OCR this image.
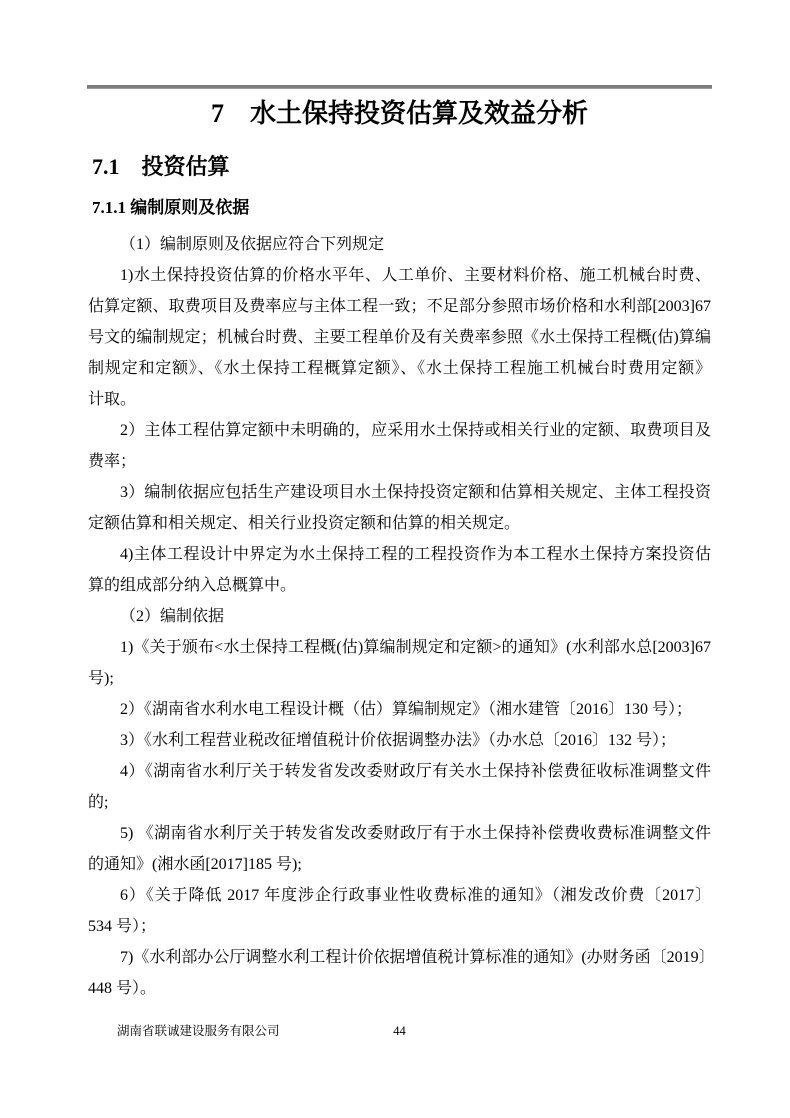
7　水土保持投资估算及效益分析
7.1　投资估算
7.1.1 编制原则及依据
（1）编制原则及依据应符合下列规定
1)水土保持投资估算的价格水平年、人工单价、主要材料价格、施工机械台时费、
估算定额、取费项目及费率应与主体工程一致；不足部分参照市场价格和水利部[2003]67
号文的编制规定；机械台时费、主要工程单价及有关费率参照《水土保持工程概(估)算编
制规定和定额》、《水土保持工程概算定额》、《水土保持工程施工机械台时费用定额》
计取。
2）主体工程估算定额中未明确的，应采用水土保持或相关行业的定额、取费项目及
费率；
3）编制依据应包括生产建设项目水土保持投资定额和估算相关规定、主体工程投资
定额估算和相关规定、相关行业投资定额和估算的相关规定。
4)主体工程设计中界定为水土保持工程的工程投资作为本工程水土保持方案投资估
算的组成部分纳入总概算中。
（2）编制依据
1)《关于颁布<水土保持工程概(估)算编制规定和定额>的通知》(水利部水总[2003]67
号);
2）《湖南省水利水电工程设计概（估）算编制规定》（湘水建管〔2016〕130 号）；
3）《水利工程营业税改征增值税计价依据调整办法》（办水总〔2016〕132 号）；
4）《湖南省水利厅关于转发省发改委财政厅有关水土保持补偿费征收标准调整文件
的;
5) 《湖南省水利厅关于转发省发改委财政厅有于水土保持补偿费收费标准调整文件
的通知》(湘水函[2017]185 号);
6）《关于降低 2017 年度涉企行政事业性收费标准的通知》（湘发改价费〔2017〕
534 号）；
7)《水利部办公厅调整水利工程计价依据增值税计算标准的通知》(办财务函〔2019〕
448 号）。
湖南省联诚建设服务有限公司	44
